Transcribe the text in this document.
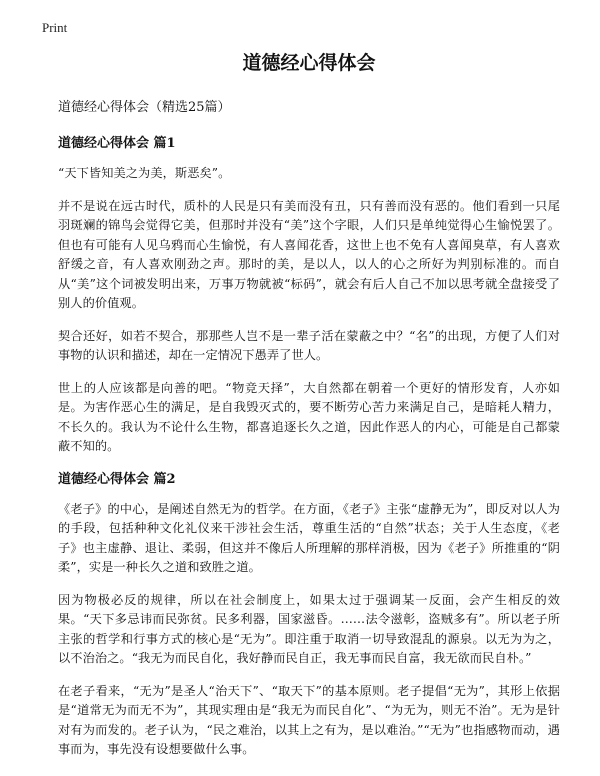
Print
道德经心得体会

道德经心得体会（精选25篇）

道德经心得体会 篇1

“天下皆知美之为美，斯恶矣”。

并不是说在远古时代，质朴的人民是只有美而没有丑，只有善而没有恶的。他们看到一只尾羽斑斓的锦鸟会觉得它美，但那时并没有“美”这个字眼，人们只是单纯觉得心生愉悦罢了。但也有可能有人见乌鸦而心生愉悦，有人喜闻花香，这世上也不免有人喜闻臭草，有人喜欢舒缓之音，有人喜欢刚劲之声。那时的美，是以人，以人的心之所好为判别标准的。而自从“美”这个词被发明出来，万事万物就被“标码”，就会有后人自己不加以思考就全盘接受了别人的价值观。

契合还好，如若不契合，那那些人岂不是一辈子活在蒙蔽之中？“名”的出现，方便了人们对事物的认识和描述，却在一定情况下愚弄了世人。

世上的人应该都是向善的吧。“物竞天择”，大自然都在朝着一个更好的情形发育，人亦如是。为害作恶心生的满足，是自我毁灭式的，要不断劳心苦力来满足自己，是暗耗人精力，不长久的。我认为不论什么生物，都喜追逐长久之道，因此作恶人的内心，可能是自己都蒙蔽不知的。

道德经心得体会 篇2

《老子》的中心，是阐述自然无为的哲学。在方面，《老子》主张“虚静无为”，即反对以人为的手段，包括种种文化礼仪来干涉社会生活，尊重生活的“自然”状态；关于人生态度，《老子》也主虚静、退让、柔弱，但这并不像后人所理解的那样消极，因为《老子》所推重的“阴柔”，实是一种长久之道和致胜之道。

因为物极必反的规律，所以在社会制度上，如果太过于强调某一反面，会产生相反的效果。“天下多忌讳而民弥贫。民多利器，国家滋昏。……法令滋彰，盗贼多有”。所以老子所主张的哲学和行事方式的核心是“无为”。即注重于取消一切导致混乱的源泉。以无为为之，以不治治之。“我无为而民自化，我好静而民自正，我无事而民自富，我无欲而民自朴。”

在老子看来，“无为”是圣人“治天下”、“取天下”的基本原则。老子提倡“无为”，其形上依据是“道常无为而无不为”，其现实理由是“我无为而民自化”、“为无为，则无不治”。无为是针对有为而发的。老子认为，“民之难治，以其上之有为，是以难治。”“无为”也指感物而动，遇事而为，事先没有设想要做什么事。
